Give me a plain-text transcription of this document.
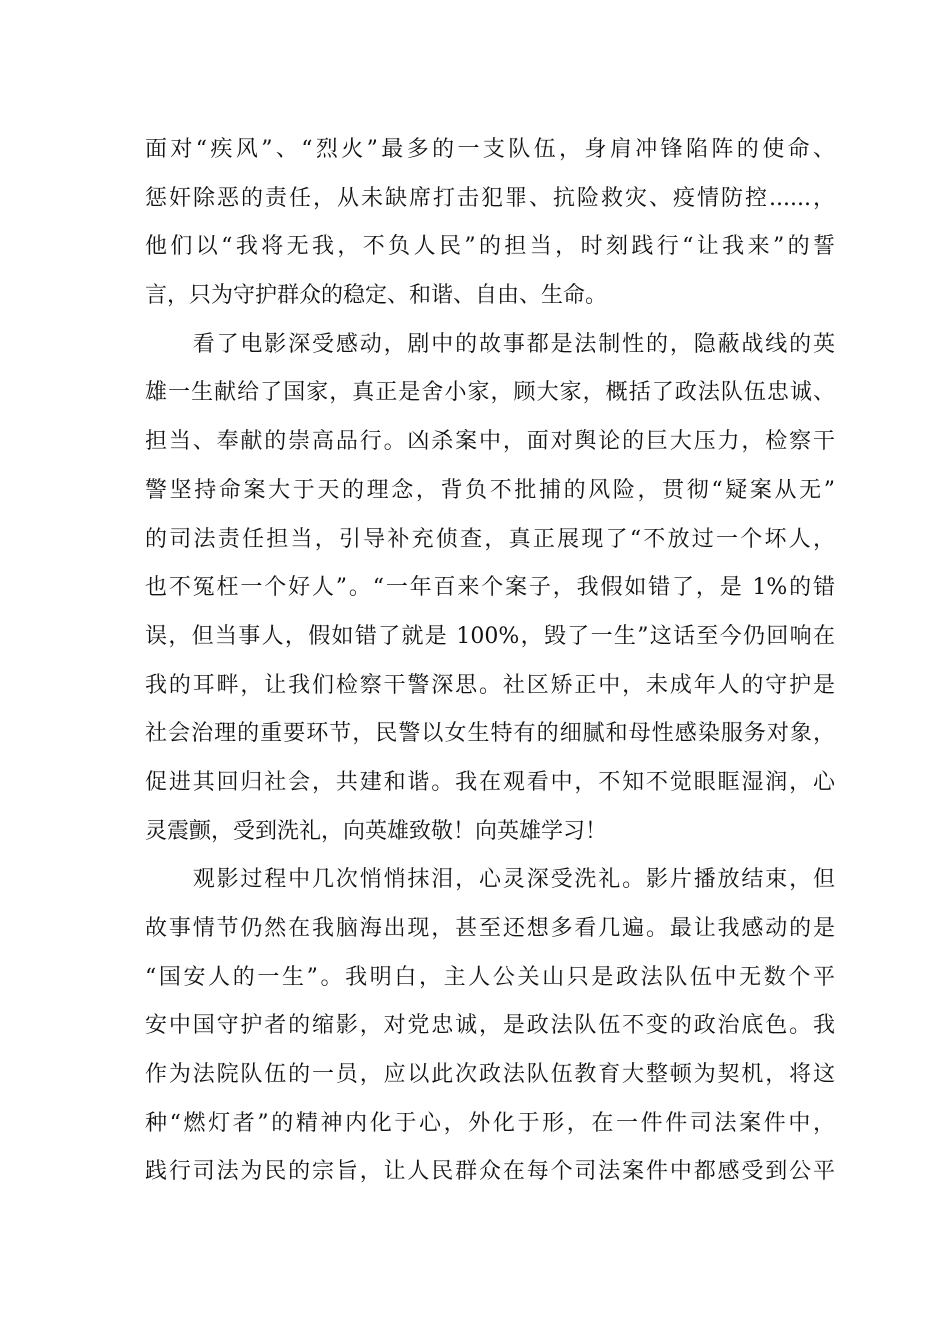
面对“疾风”、“烈火”最多的一支队伍，身肩冲锋陷阵的使命、
惩奸除恶的责任，从未缺席打击犯罪、抗险救灾、疫情防控......，
他们以“我将无我，不负人民”的担当，时刻践行“让我来”的誓
言，只为守护群众的稳定、和谐、自由、生命。
　　看了电影深受感动，剧中的故事都是法制性的，隐蔽战线的英
雄一生献给了国家，真正是舍小家，顾大家，概括了政法队伍忠诚、
担当、奉献的崇高品行。凶杀案中，面对舆论的巨大压力，检察干
警坚持命案大于天的理念，背负不批捕的风险，贯彻“疑案从无”
的司法责任担当，引导补充侦查，真正展现了“不放过一个坏人，
也不冤枉一个好人”。“一年百来个案子，我假如错了，是 1%的错
误，但当事人，假如错了就是 100%，毁了一生”这话至今仍回响在
我的耳畔，让我们检察干警深思。社区矫正中，未成年人的守护是
社会治理的重要环节，民警以女生特有的细腻和母性感染服务对象，
促进其回归社会，共建和谐。我在观看中，不知不觉眼眶湿润，心
灵震颤，受到洗礼，向英雄致敬！向英雄学习！
　　观影过程中几次悄悄抹泪，心灵深受洗礼。影片播放结束，但
故事情节仍然在我脑海出现，甚至还想多看几遍。最让我感动的是
“国安人的一生”。我明白，主人公关山只是政法队伍中无数个平
安中国守护者的缩影，对党忠诚，是政法队伍不变的政治底色。我
作为法院队伍的一员，应以此次政法队伍教育大整顿为契机，将这
种“燃灯者”的精神内化于心，外化于形，在一件件司法案件中，
践行司法为民的宗旨，让人民群众在每个司法案件中都感受到公平
